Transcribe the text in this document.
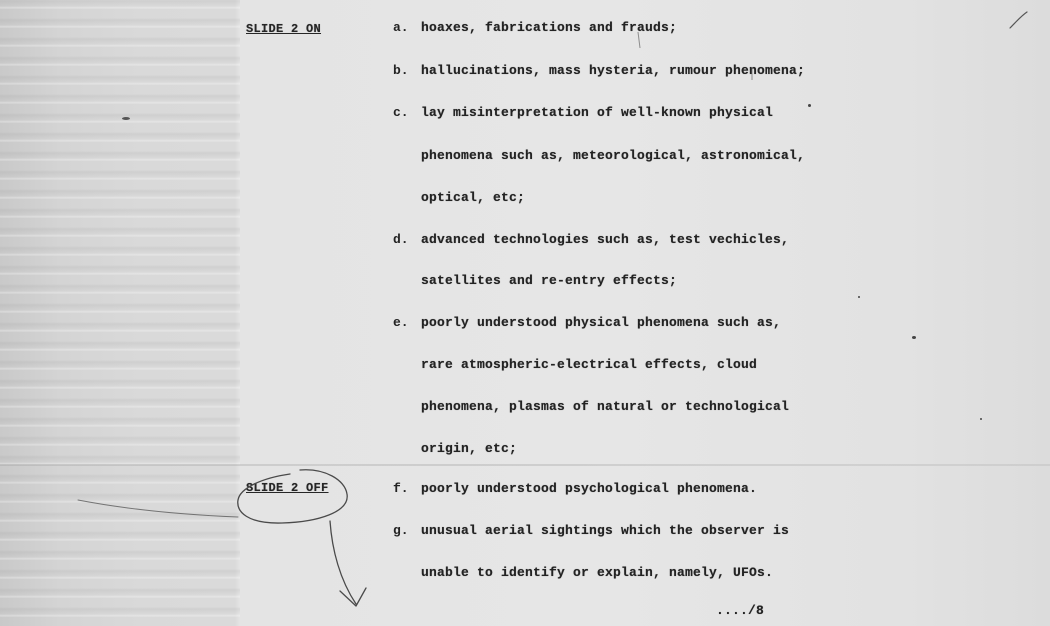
SLIDE 2 ON
SLIDE 2 OFF
a. hoaxes, fabrications and frauds;
b. hallucinations, mass hysteria, rumour phenomena;
c. lay misinterpretation of well-known physical
phenomena such as, meteorological, astronomical,
optical, etc;
d. advanced technologies such as, test vechicles,
satellites and re-entry effects;
e. poorly understood physical phenomena such as,
rare atmospheric-electrical effects, cloud
phenomena, plasmas of natural or technological
origin, etc;
f. poorly understood psychological phenomena.
g. unusual aerial sightings which the observer is
unable to identify or explain, namely, UFOs.
..../8
